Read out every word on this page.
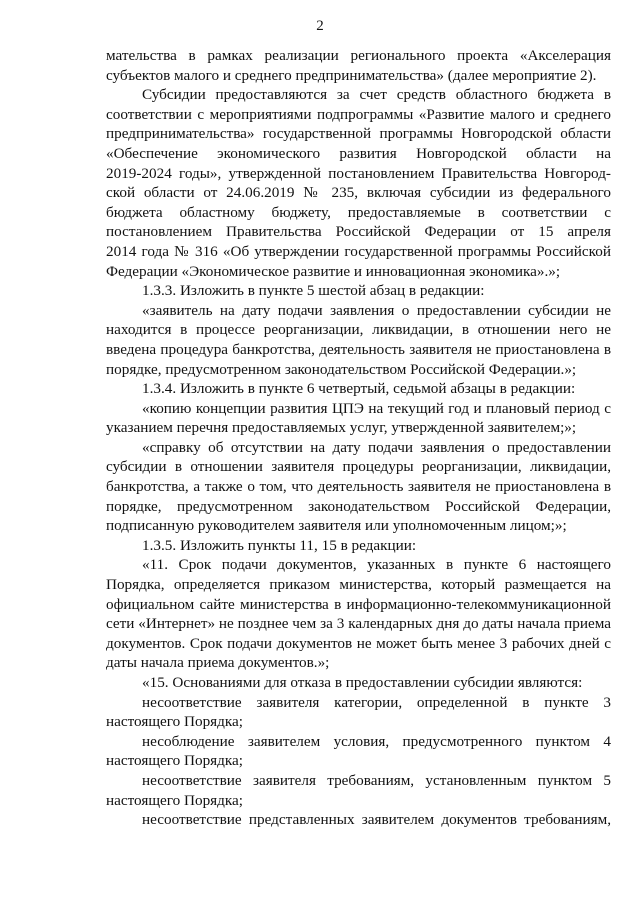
2
мательства в рамках реализации регионального проекта «Акселерация
субъектов малого и среднего предпринимательства» (далее мероприятие 2).
Субсидии предоставляются за счет средств областного бюджета в
соответствии с мероприятиями подпрограммы «Развитие малого и среднего
предпринимательства» государственной программы Новгородской области
«Обеспечение экономического развития Новгородской области на
2019-2024 годы», утвержденной постановлением Правительства Новгород-
ской области от 24.06.2019 № 235, включая субсидии из федерального
бюджета областному бюджету, предоставляемые в соответствии с
постановлением Правительства Российской Федерации от 15 апреля
2014 года № 316 «Об утверждении государственной программы Российской
Федерации «Экономическое развитие и инновационная экономика».»;
1.3.3. Изложить в пункте 5 шестой абзац в редакции:
«заявитель на дату подачи заявления о предоставлении субсидии не
находится в процессе реорганизации, ликвидации, в отношении него не
введена процедура банкротства, деятельность заявителя не приостановлена в
порядке, предусмотренном законодательством Российской Федерации.»;
1.3.4. Изложить в пункте 6 четвертый, седьмой абзацы в редакции:
«копию концепции развития ЦПЭ на текущий год и плановый период с
указанием перечня предоставляемых услуг, утвержденной заявителем;»;
«справку об отсутствии на дату подачи заявления о предоставлении
субсидии в отношении заявителя процедуры реорганизации, ликвидации,
банкротства, а также о том, что деятельность заявителя не приостановлена в
порядке, предусмотренном законодательством Российской Федерации,
подписанную руководителем заявителя или уполномоченным лицом;»;
1.3.5. Изложить пункты 11, 15 в редакции:
«11. Срок подачи документов, указанных в пункте 6 настоящего
Порядка, определяется приказом министерства, который размещается на
официальном сайте министерства в информационно-телекоммуникационной
сети «Интернет» не позднее чем за 3 календарных дня до даты начала приема
документов. Срок подачи документов не может быть менее 3 рабочих дней с
даты начала приема документов.»;
«15. Основаниями для отказа в предоставлении субсидии являются:
несоответствие заявителя категории, определенной в пункте 3
настоящего Порядка;
несоблюдение заявителем условия, предусмотренного пунктом 4
настоящего Порядка;
несоответствие заявителя требованиям, установленным пунктом 5
настоящего Порядка;
несоответствие представленных заявителем документов требованиям,
